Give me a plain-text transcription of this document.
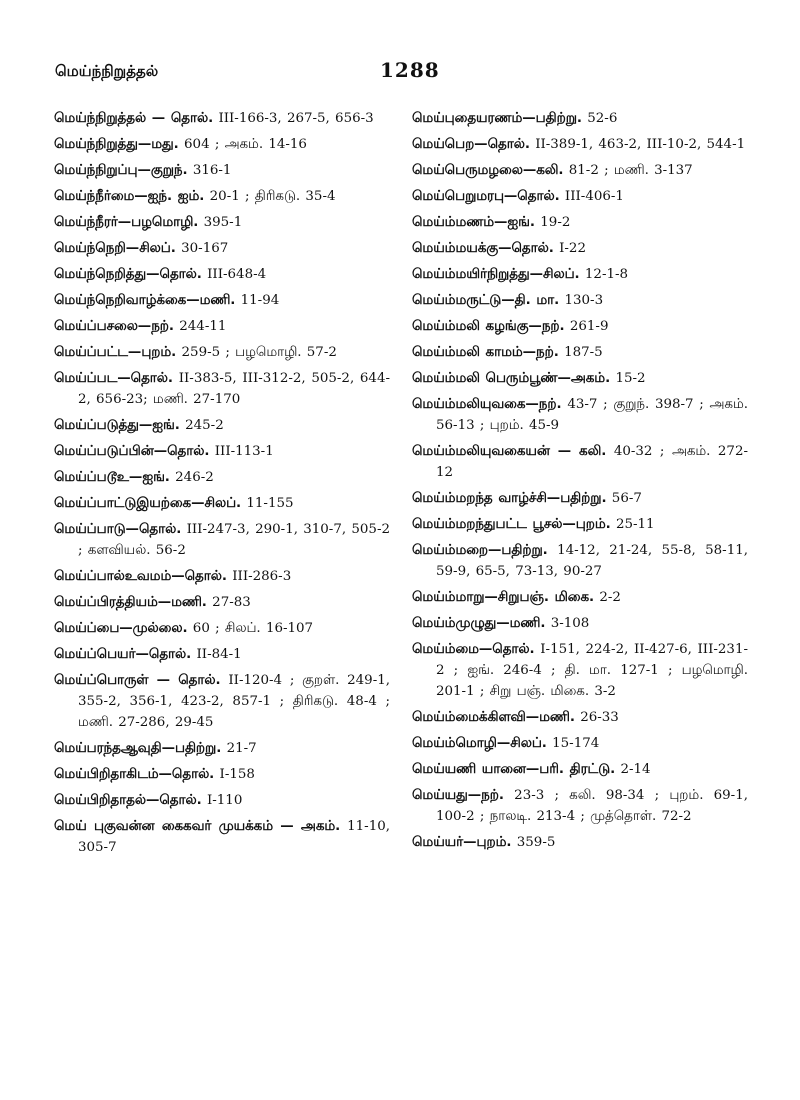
மெய்ந்நிறுத்தல்	1288
மெய்ந்நிறுத்தல் — தொல். III-166-3, 267-5, 656-3
மெய்ந்நிறுத்து—மது. 604 ; அகம். 14-16
மெய்ந்நிறுப்பு—குறுந். 316-1
மெய்ந்நீர்மை—ஐந். ஐம். 20-1 ; திரிகடு. 35-4
மெய்ந்நீரர்—பழமொழி. 395-1
மெய்ந்நெறி—சிலப். 30-167
மெய்ந்நெறித்து—தொல். III-648-4
மெய்ந்நெறிவாழ்க்கை—மணி. 11-94
மெய்ப்பசலை—நற். 244-11
மெய்ப்பட்ட—புறம். 259-5 ; பழமொழி. 57-2
மெய்ப்பட—தொல். II-383-5, III-312-2, 505-2, 644-2, 656-23; மணி. 27-170
மெய்ப்படுத்து—ஐங். 245-2
மெய்ப்படுப்பின்—தொல். III-113-1
மெய்ப்படூஉ—ஐங். 246-2
மெய்ப்பாட்டுஇயற்கை—சிலப். 11-155
மெய்ப்பாடு—தொல். III-247-3, 290-1, 310-7, 505-2 ; களவியல். 56-2
மெய்ப்பால்உவமம்—தொல். III-286-3
மெய்ப்பிரத்தியம்—மணி. 27-83
மெய்ப்பை—முல்லை. 60 ; சிலப். 16-107
மெய்ப்பெயர்—தொல். II-84-1
மெய்ப்பொருள் — தொல். II-120-4 ; குறள். 249-1, 355-2, 356-1, 423-2, 857-1 ; திரிகடு. 48-4 ; மணி. 27-286, 29-45
மெய்பரந்தஆவுதி—பதிற்று. 21-7
மெய்பிறிதாகிடம்—தொல். I-158
மெய்பிறிதாதல்—தொல். I-110
மெய் புகுவன்ன கைகவர் முயக்கம் — அகம். 11-10, 305-7
மெய்புதையரணம்—பதிற்று. 52-6
மெய்பெற—தொல். II-389-1, 463-2, III-10-2, 544-1
மெய்பெருமழலை—கலி. 81-2 ; மணி. 3-137
மெய்பெறுமரபு—தொல். III-406-1
மெய்ம்மணம்—ஐங். 19-2
மெய்ம்மயக்கு—தொல். I-22
மெய்ம்மயிர்நிறுத்து—சிலப். 12-1-8
மெய்ம்மருட்டு—தி. மா. 130-3
மெய்ம்மலி கழங்கு—நற். 261-9
மெய்ம்மலி காமம்—நற். 187-5
மெய்ம்மலி பெரும்பூண்—அகம். 15-2
மெய்ம்மலியுவகை—நற். 43-7 ; குறுந். 398-7 ; அகம். 56-13 ; புறம். 45-9
மெய்ம்மலியுவகையன் — கலி. 40-32 ; அகம். 272-12
மெய்ம்மறந்த வாழ்ச்சி—பதிற்று. 56-7
மெய்ம்மறந்துபட்ட பூசல்—புறம். 25-11
மெய்ம்மறை—பதிற்று. 14-12, 21-24, 55-8, 58-11, 59-9, 65-5, 73-13, 90-27
மெய்ம்மாறு—சிறுபஞ். மிகை. 2-2
மெய்ம்முழுது—மணி. 3-108
மெய்ம்மை—தொல். I-151, 224-2, II-427-6, III-231-2 ; ஐங். 246-4 ; தி. மா. 127-1 ; பழமொழி. 201-1 ; சிறு பஞ். மிகை. 3-2
மெய்ம்மைக்கிளவி—மணி. 26-33
மெய்ம்மொழி—சிலப். 15-174
மெய்யணி யானை—பரி. திரட்டு. 2-14
மெய்யது—நற். 23-3 ; கலி. 98-34 ; புறம். 69-1, 100-2 ; நாலடி. 213-4 ; முத்தொள். 72-2
மெய்யர்—புறம். 359-5
